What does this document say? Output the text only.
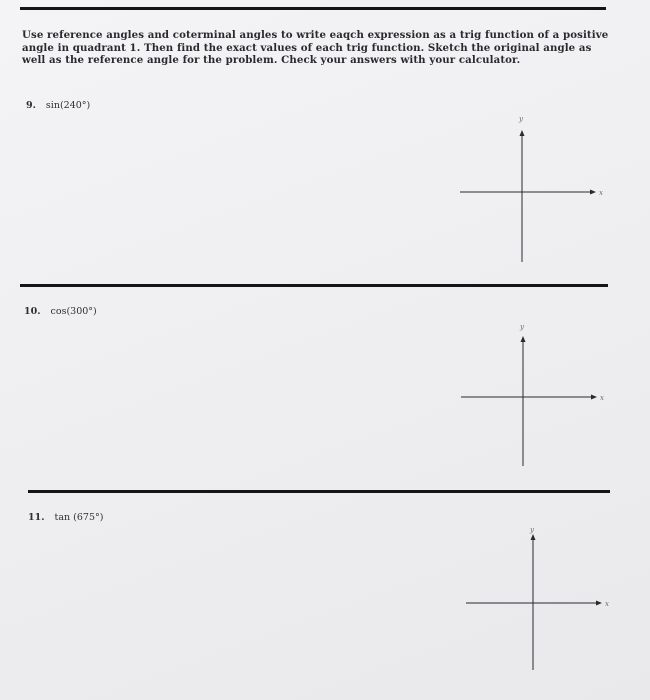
Use reference angles and coterminal angles to write eaqch expression as a trig function of a positive angle in quadrant 1. Then find the exact values of each trig function. Sketch the original angle as well as the reference angle for the problem. Check your answers with your calculator.
9. sin(240°)
y
x
10. cos(300°)
y
x
11. tan (675°)
y
x
